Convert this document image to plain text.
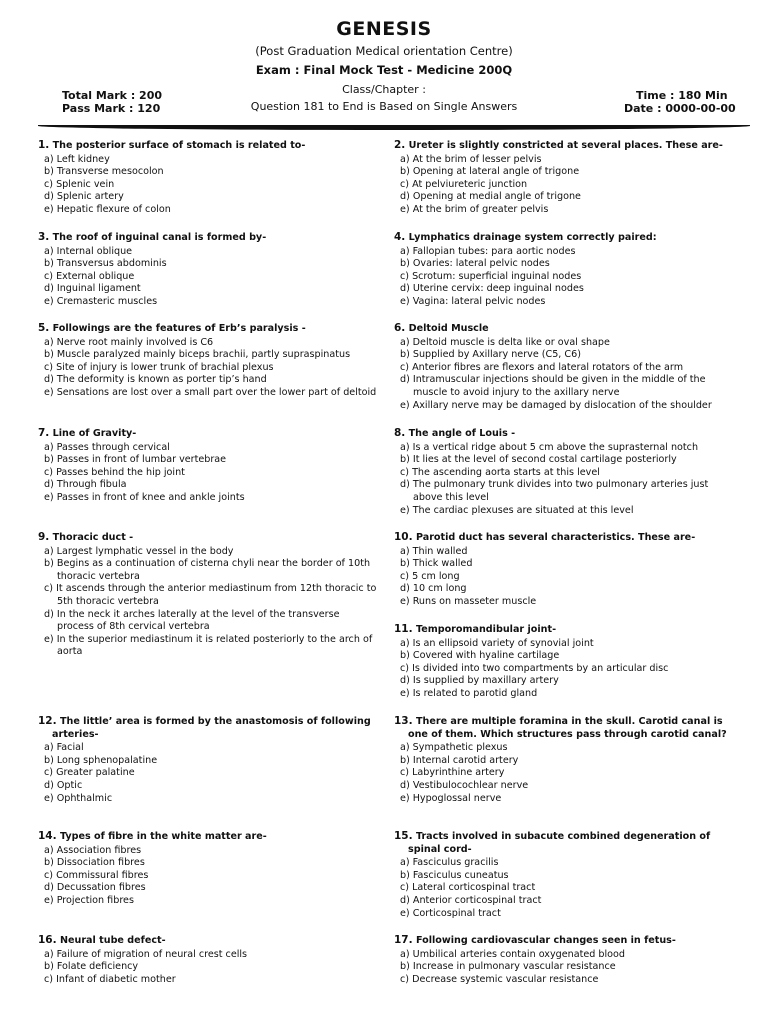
GENESIS
(Post Graduation Medical orientation Centre)
Exam : Final Mock Test - Medicine 200Q
Class/Chapter :
Question 181 to End is Based on Single Answers
Total Mark : 200
Pass Mark : 120
Time : 180 Min
Date : 0000-00-00
1. The posterior surface of stomach is related to-
a) Left kidney
b) Transverse mesocolon
c) Splenic vein
d) Splenic artery
e) Hepatic flexure of colon
2. Ureter is slightly constricted at several places. These are-
a) At the brim of lesser pelvis
b) Opening at lateral angle of trigone
c) At pelviureteric junction
d) Opening at medial angle of trigone
e) At the brim of greater pelvis
3. The roof of inguinal canal is formed by-
a) Internal oblique
b) Transversus abdominis
c) External oblique
d) Inguinal ligament
e) Cremasteric muscles
4. Lymphatics drainage system correctly paired:
a) Fallopian tubes: para aortic nodes
b) Ovaries: lateral pelvic nodes
c) Scrotum: superficial inguinal nodes
d) Uterine cervix: deep inguinal nodes
e) Vagina: lateral pelvic nodes
5. Followings are the features of Erb’s paralysis -
a) Nerve root mainly involved is C6
b) Muscle paralyzed mainly biceps brachii, partly supraspinatus
c) Site of injury is lower trunk of brachial plexus
d) The deformity is known as porter tip’s hand
e) Sensations are lost over a small part over the lower part of deltoid
6. Deltoid Muscle
a) Deltoid muscle is delta like or oval shape
b) Supplied by Axillary nerve (C5, C6)
c) Anterior fibres are flexors and lateral rotators of the arm
d) Intramuscular injections should be given in the middle of the muscle to avoid injury to the axillary nerve
e) Axillary nerve may be damaged by dislocation of the shoulder
7. Line of Gravity-
a) Passes through cervical
b) Passes in front of lumbar vertebrae
c) Passes behind the hip joint
d) Through fibula
e) Passes in front of knee and ankle joints
8. The angle of Louis -
a) Is a vertical ridge about 5 cm above the suprasternal notch
b) It lies at the level of second costal cartilage posteriorly
c) The ascending aorta starts at this level
d) The pulmonary trunk divides into two pulmonary arteries just above this level
e) The cardiac plexuses are situated at this level
9. Thoracic duct -
a) Largest lymphatic vessel in the body
b) Begins as a continuation of cisterna chyli near the border of 10th thoracic vertebra
c) It ascends through the anterior mediastinum from 12th thoracic to 5th thoracic vertebra
d) In the neck it arches laterally at the level of the transverse process of 8th cervical vertebra
e) In the superior mediastinum it is related posteriorly to the arch of aorta
10. Parotid duct has several characteristics. These are-
a) Thin walled
b) Thick walled
c) 5 cm long
d) 10 cm long
e) Runs on masseter muscle
11. Temporomandibular joint-
a) Is an ellipsoid variety of synovial joint
b) Covered with hyaline cartilage
c) Is divided into two compartments by an articular disc
d) Is supplied by maxillary artery
e) Is related to parotid gland
12. The little’ area is formed by the anastomosis of following arteries-
a) Facial
b) Long sphenopalatine
c) Greater palatine
d) Optic
e) Ophthalmic
13. There are multiple foramina in the skull. Carotid canal is one of them. Which structures pass through carotid canal?
a) Sympathetic plexus
b) Internal carotid artery
c) Labyrinthine artery
d) Vestibulocochlear nerve
e) Hypoglossal nerve
14. Types of fibre in the white matter are-
a) Association fibres
b) Dissociation fibres
c) Commissural fibres
d) Decussation fibres
e) Projection fibres
15. Tracts involved in subacute combined degeneration of spinal cord-
a) Fasciculus gracilis
b) Fasciculus cuneatus
c) Lateral corticospinal tract
d) Anterior corticospinal tract
e) Corticospinal tract
16. Neural tube defect-
a) Failure of migration of neural crest cells
b) Folate deficiency
c) Infant of diabetic mother
17. Following cardiovascular changes seen in fetus-
a) Umbilical arteries contain oxygenated blood
b) Increase in pulmonary vascular resistance
c) Decrease systemic vascular resistance
